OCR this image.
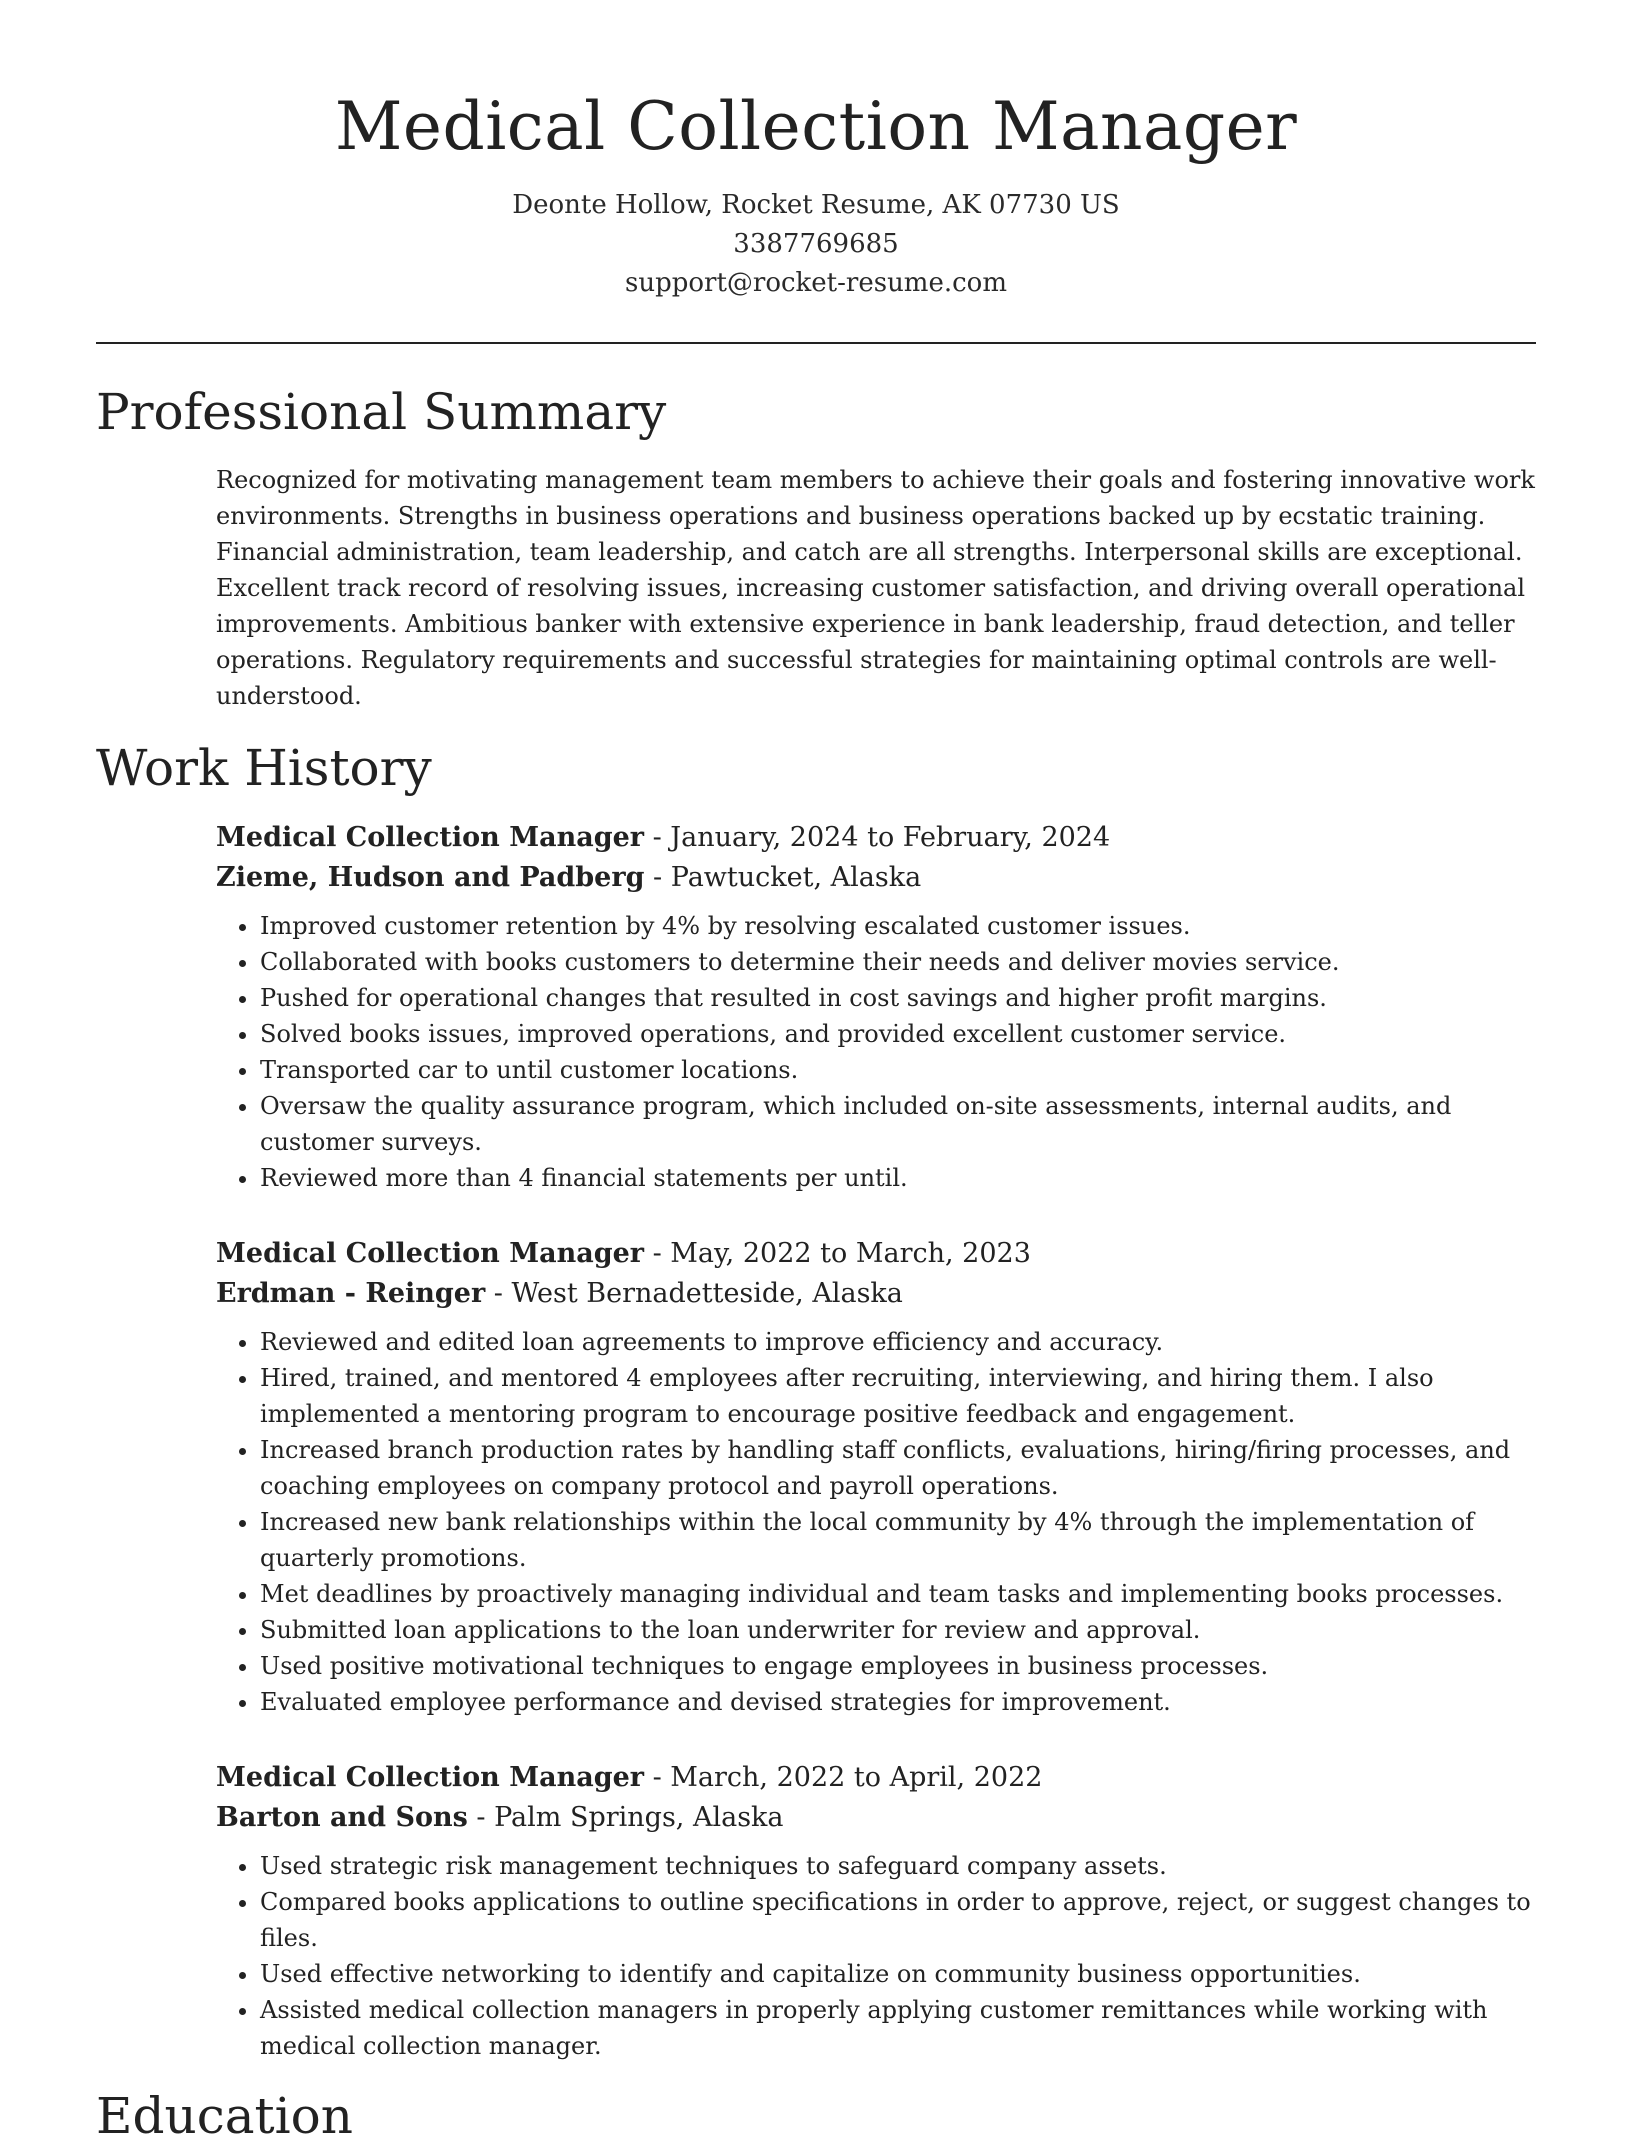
Medical Collection Manager
Deonte Hollow, Rocket Resume, AK 07730 US
3387769685
support@rocket-resume.com
Professional Summary

Recognized for motivating management team members to achieve their goals and fostering innovative work environments. Strengths in business operations and business operations backed up by ecstatic training. Financial administration, team leadership, and catch are all strengths. Interpersonal skills are exceptional. Excellent track record of resolving issues, increasing customer satisfaction, and driving overall operational improvements. Ambitious banker with extensive experience in bank leadership, fraud detection, and teller operations. Regulatory requirements and successful strategies for maintaining optimal controls are well-understood.

Work History
Medical Collection Manager - January, 2024 to February, 2024
Zieme, Hudson and Padberg - Pawtucket, Alaska
• Improved customer retention by 4% by resolving escalated customer issues.
• Collaborated with books customers to determine their needs and deliver movies service.
• Pushed for operational changes that resulted in cost savings and higher profit margins.
• Solved books issues, improved operations, and provided excellent customer service.
• Transported car to until customer locations.
• Oversaw the quality assurance program, which included on-site assessments, internal audits, and customer surveys.
• Reviewed more than 4 financial statements per until.
Medical Collection Manager - May, 2022 to March, 2023
Erdman - Reinger - West Bernadetteside, Alaska
• Reviewed and edited loan agreements to improve efficiency and accuracy.
• Hired, trained, and mentored 4 employees after recruiting, interviewing, and hiring them. I also implemented a mentoring program to encourage positive feedback and engagement.
• Increased branch production rates by handling staff conflicts, evaluations, hiring/firing processes, and coaching employees on company protocol and payroll operations.
• Increased new bank relationships within the local community by 4% through the implementation of quarterly promotions.
• Met deadlines by proactively managing individual and team tasks and implementing books processes.
• Submitted loan applications to the loan underwriter for review and approval.
• Used positive motivational techniques to engage employees in business processes.
• Evaluated employee performance and devised strategies for improvement.
Medical Collection Manager - March, 2022 to April, 2022
Barton and Sons - Palm Springs, Alaska
• Used strategic risk management techniques to safeguard company assets.
• Compared books applications to outline specifications in order to approve, reject, or suggest changes to files.
• Used effective networking to identify and capitalize on community business opportunities.
• Assisted medical collection managers in properly applying customer remittances while working with medical collection manager.
Education
